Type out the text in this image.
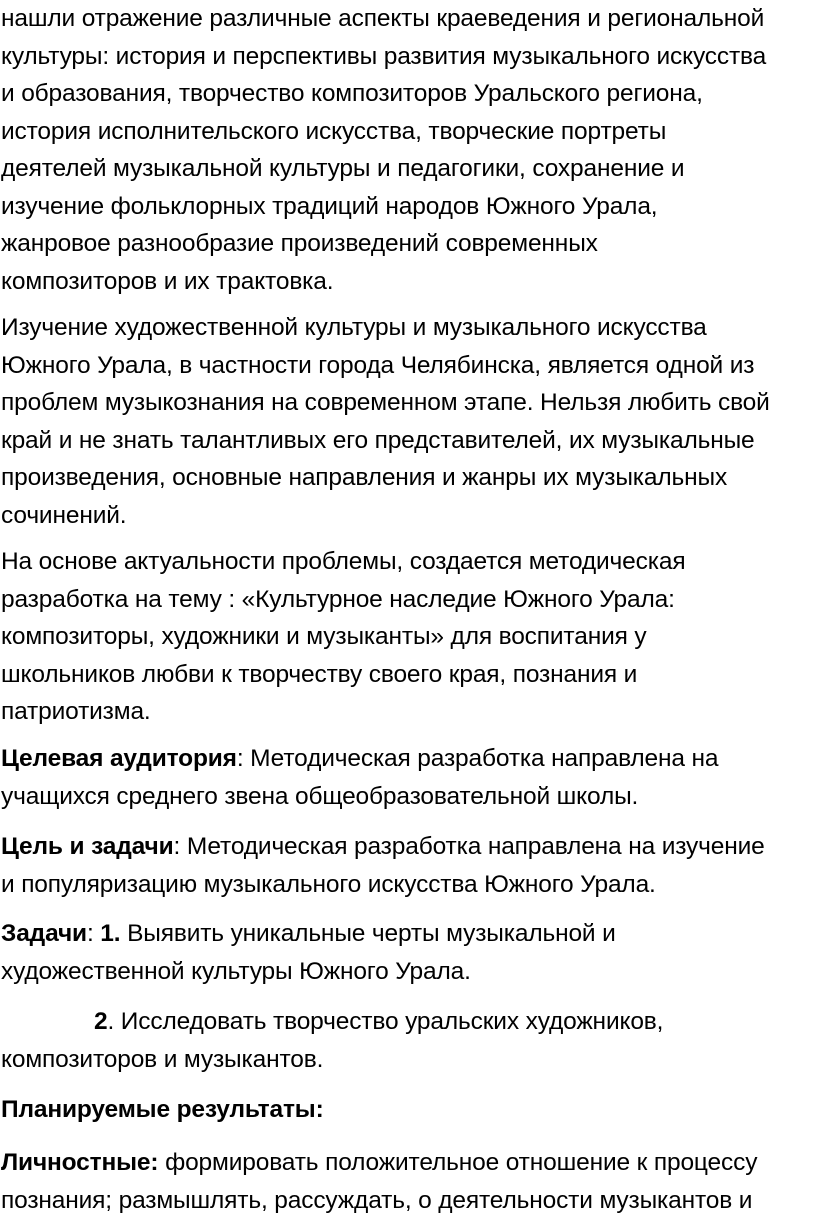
нашли отражение различные аспекты краеведения и региональной
культуры: история и перспективы развития музыкального искусства
и образования, творчество композиторов Уральского региона,
история исполнительского искусства, творческие портреты
деятелей музыкальной культуры и педагогики, сохранение и
изучение фольклорных традиций народов Южного Урала,
жанровое разнообразие произведений современных
композиторов и их трактовка.

Изучение художественной культуры и музыкального искусства
Южного Урала, в частности города Челябинска, является одной из
проблем музыкознания на современном этапе. Нельзя любить свой
край и не знать талантливых его представителей, их музыкальные
произведения, основные направления и жанры их музыкальных
сочинений.

На основе актуальности проблемы, создается методическая
разработка на тему : «Культурное наследие Южного Урала:
композиторы, художники и музыканты» для воспитания у
школьников любви к творчеству своего края, познания и
патриотизма.

Целевая аудитория: Методическая разработка направлена на
учащихся среднего звена общеобразовательной школы.

Цель и задачи: Методическая разработка направлена на изучение
и популяризацию музыкального искусства Южного Урала.

Задачи: 1. Выявить уникальные черты музыкальной и
художественной культуры Южного Урала.

2. Исследовать творчество уральских художников,
композиторов и музыкантов.

Планируемые результаты:

Личностные: формировать положительное отношение к процессу
познания; размышлять, рассуждать, о деятельности музыкантов и
